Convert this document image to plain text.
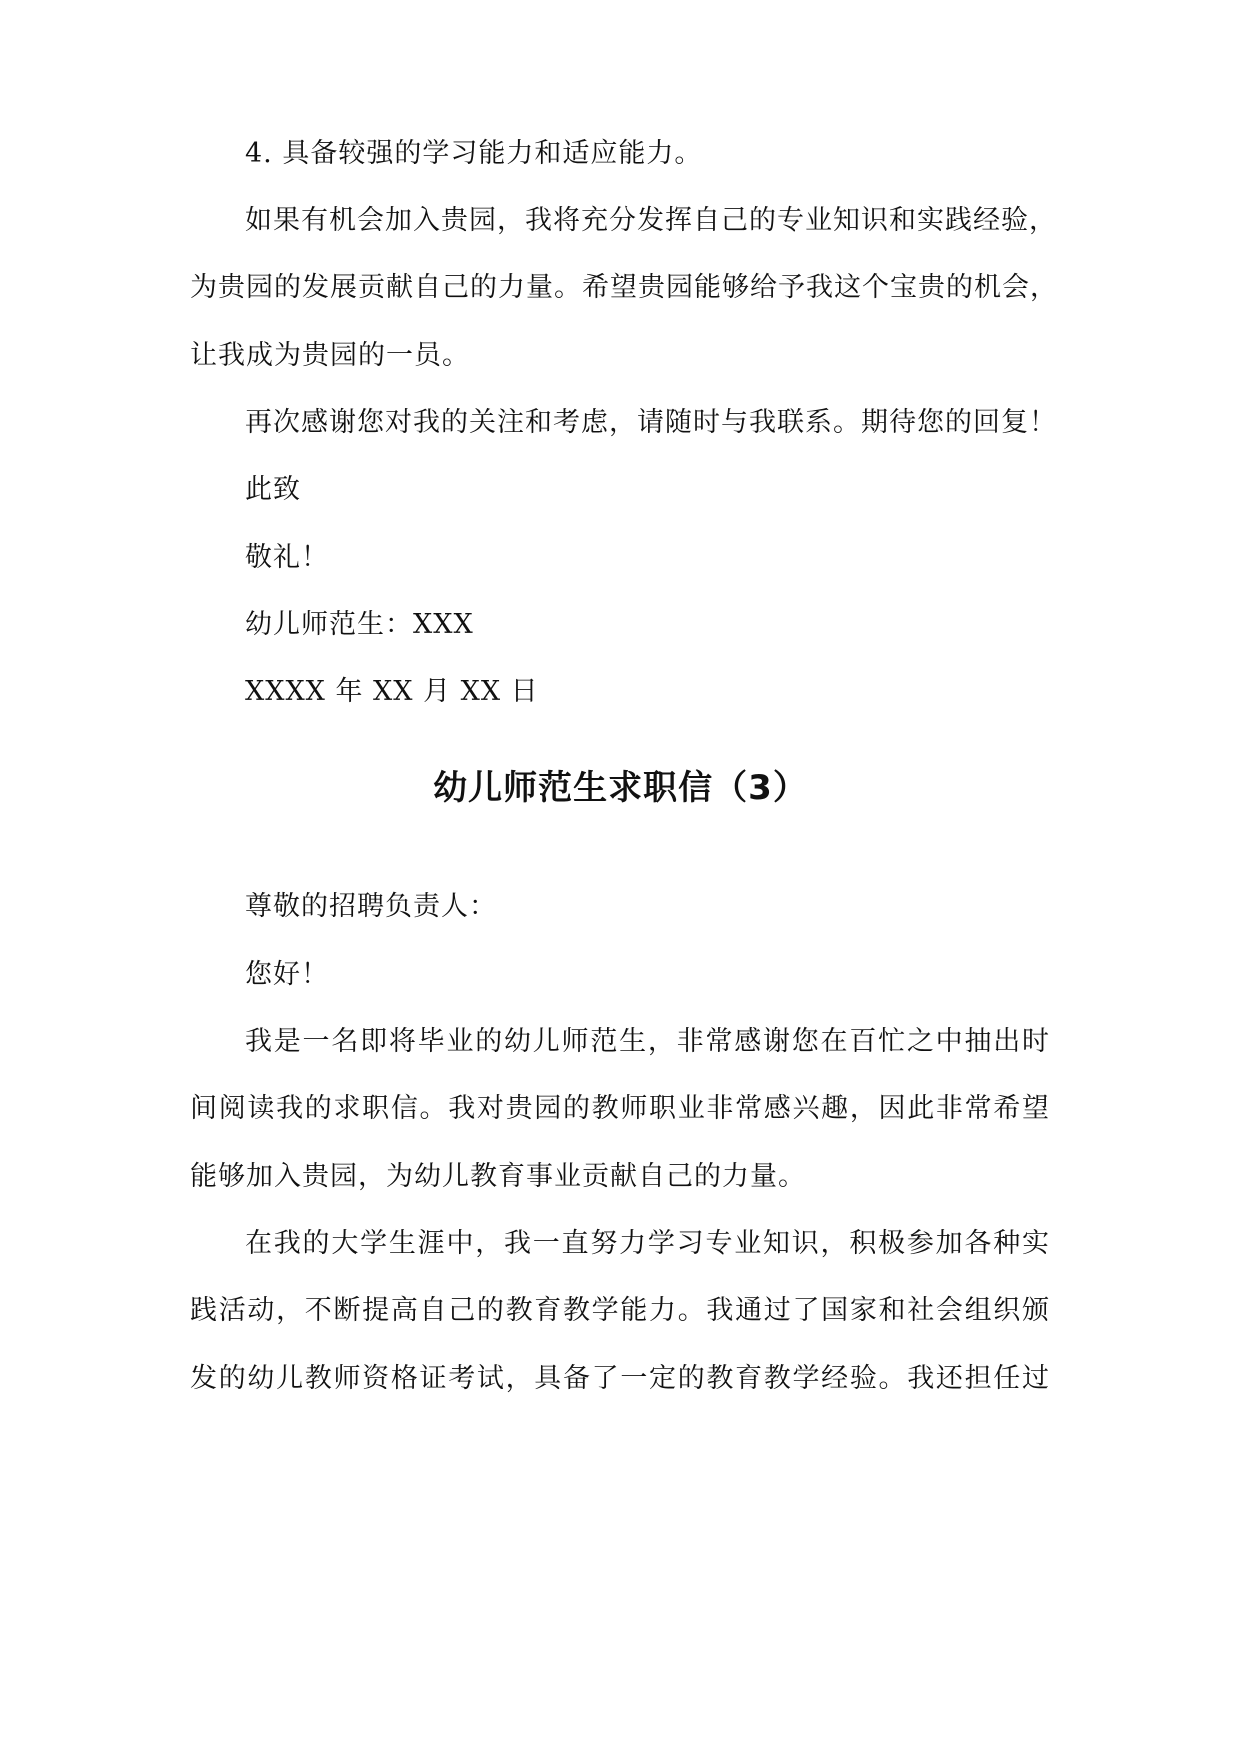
4. 具备较强的学习能力和适应能力。
如果有机会加入贵园，我将充分发挥自己的专业知识和实践经验，
为贵园的发展贡献自己的力量。希望贵园能够给予我这个宝贵的机会，
让我成为贵园的一员。
再次感谢您对我的关注和考虑，请随时与我联系。期待您的回复！
此致
敬礼！
幼儿师范生：XXX
XXXX 年 XX 月 XX 日
幼儿师范生求职信（3）
尊敬的招聘负责人：
您好！
我是一名即将毕业的幼儿师范生，非常感谢您在百忙之中抽出时
间阅读我的求职信。我对贵园的教师职业非常感兴趣，因此非常希望
能够加入贵园，为幼儿教育事业贡献自己的力量。
在我的大学生涯中，我一直努力学习专业知识，积极参加各种实
践活动，不断提高自己的教育教学能力。我通过了国家和社会组织颁
发的幼儿教师资格证考试，具备了一定的教育教学经验。我还担任过
